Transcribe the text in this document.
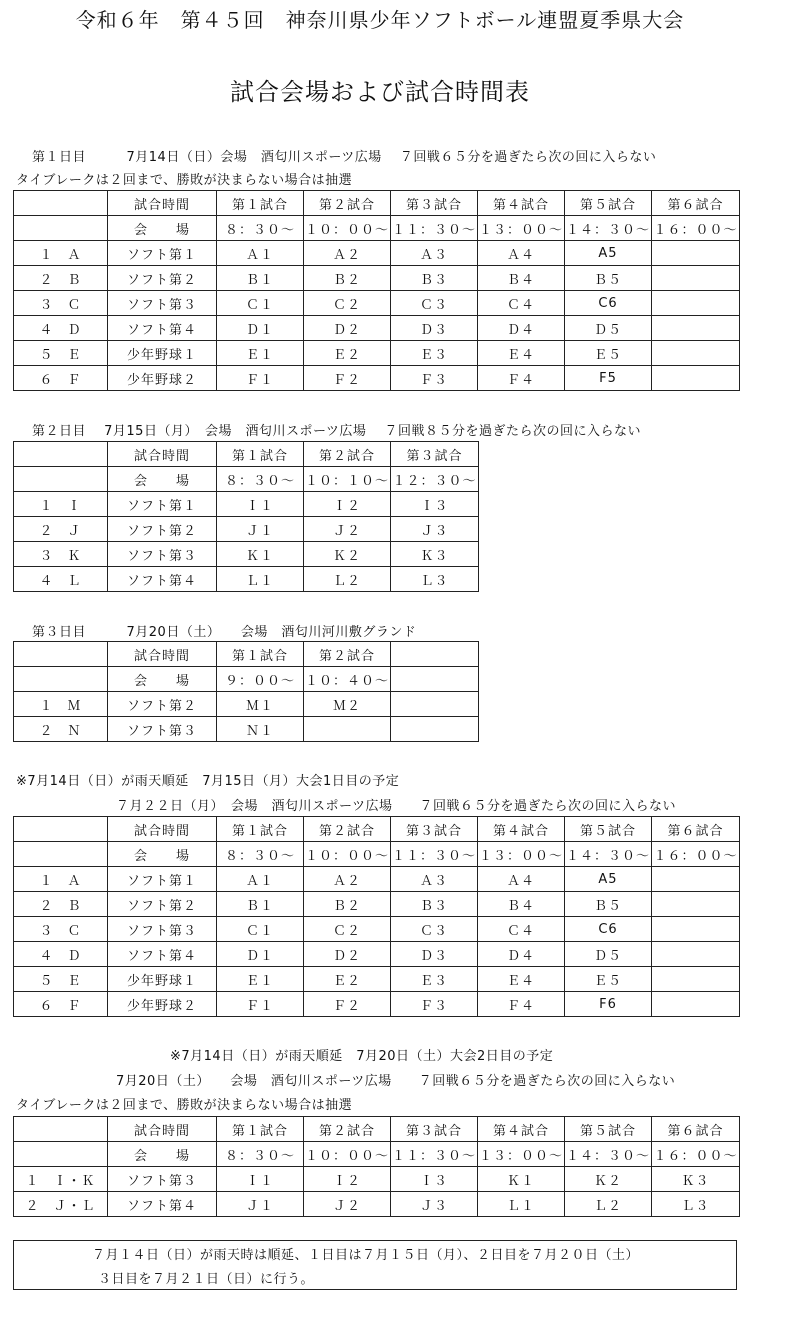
令和６年　第４５回　神奈川県少年ソフトボール連盟夏季県大会
試合会場および試合時間表
第１日目　　　7月14日（日）会場　酒匂川スポーツ広場　 ７回戦６５分を過ぎたら次の回に入らない
タイブレークは２回まで、勝敗が決まらない場合は抽選
	試合時間	第１試合	第２試合	第３試合	第４試合	第５試合	第６試合
	会　　場	８：３０～	１０：００～	１１：３０～	１３：００～	１４：３０～	１６：００～
１　Ａ	ソフト第１	Ａ１	Ａ２	Ａ３	Ａ４	A5	
２　Ｂ	ソフト第２	Ｂ１	Ｂ２	Ｂ３	Ｂ４	Ｂ５	
３　Ｃ	ソフト第３	Ｃ１	Ｃ２	Ｃ３	Ｃ４	C6	
４　Ｄ	ソフト第４	Ｄ１	Ｄ２	Ｄ３	Ｄ４	Ｄ５	
５　Ｅ	少年野球１	Ｅ１	Ｅ２	Ｅ３	Ｅ４	Ｅ５	
６　Ｆ	少年野球２	Ｆ１	Ｆ２	Ｆ３	Ｆ４	F5	
第２日目　 7月15日（月）　会場　酒匂川スポーツ広場　 ７回戦８５分を過ぎたら次の回に入らない
	試合時間	第１試合	第２試合	第３試合
	会　　場	８：３０～	１０：１０～	１２：３０～
１　Ｉ	ソフト第１	Ｉ１	Ｉ２	Ｉ３
２　Ｊ	ソフト第２	Ｊ１	Ｊ２	Ｊ３
３　Ｋ	ソフト第３	Ｋ１	Ｋ２	Ｋ３
４　Ｌ	ソフト第４	Ｌ１	Ｌ２	Ｌ３
第３日目　　　7月20日（土）　　会場　酒匂川河川敷グランド
	試合時間	第１試合	第２試合	
	会　　場	９：００～	１０：４０～	
１　Ｍ	ソフト第２	Ｍ１	Ｍ２	
２　Ｎ	ソフト第３	Ｎ１		
※7月14日（日）が雨天順延　7月15日（月）大会1日目の予定
７月２２日（月）　会場　酒匂川スポーツ広場　　７回戦６５分を過ぎたら次の回に入らない
	試合時間	第１試合	第２試合	第３試合	第４試合	第５試合	第６試合
	会　　場	８：３０～	１０：００～	１１：３０～	１３：００～	１４：３０～	１６：００～
１　Ａ	ソフト第１	Ａ１	Ａ２	Ａ３	Ａ４	A5	
２　Ｂ	ソフト第２	Ｂ１	Ｂ２	Ｂ３	Ｂ４	Ｂ５	
３　Ｃ	ソフト第３	Ｃ１	Ｃ２	Ｃ３	Ｃ４	C6	
４　Ｄ	ソフト第４	Ｄ１	Ｄ２	Ｄ３	Ｄ４	Ｄ５	
５　Ｅ	少年野球１	Ｅ１	Ｅ２	Ｅ３	Ｅ４	Ｅ５	
６　Ｆ	少年野球２	Ｆ１	Ｆ２	Ｆ３	Ｆ４	F6	
※7月14日（日）が雨天順延　7月20日（土）大会2日目の予定
7月20日（土）　　会場　酒匂川スポーツ広場　　７回戦６５分を過ぎたら次の回に入らない
タイブレークは２回まで、勝敗が決まらない場合は抽選
	試合時間	第１試合	第２試合	第３試合	第４試合	第５試合	第６試合
	会　　場	８：３０～	１０：００～	１１：３０～	１３：００～	１４：３０～	１６：００～
１　Ｉ・Ｋ	ソフト第３	Ｉ１	Ｉ２	Ｉ３	Ｋ１	Ｋ２	Ｋ３
２　Ｊ・Ｌ	ソフト第４	Ｊ１	Ｊ２	Ｊ３	Ｌ１	Ｌ２	Ｌ３
７月１４日（日）が雨天時は順延、１日目は７月１５日（月）、２日目を７月２０日（土）
３日目を７月２１日（日）に行う。
